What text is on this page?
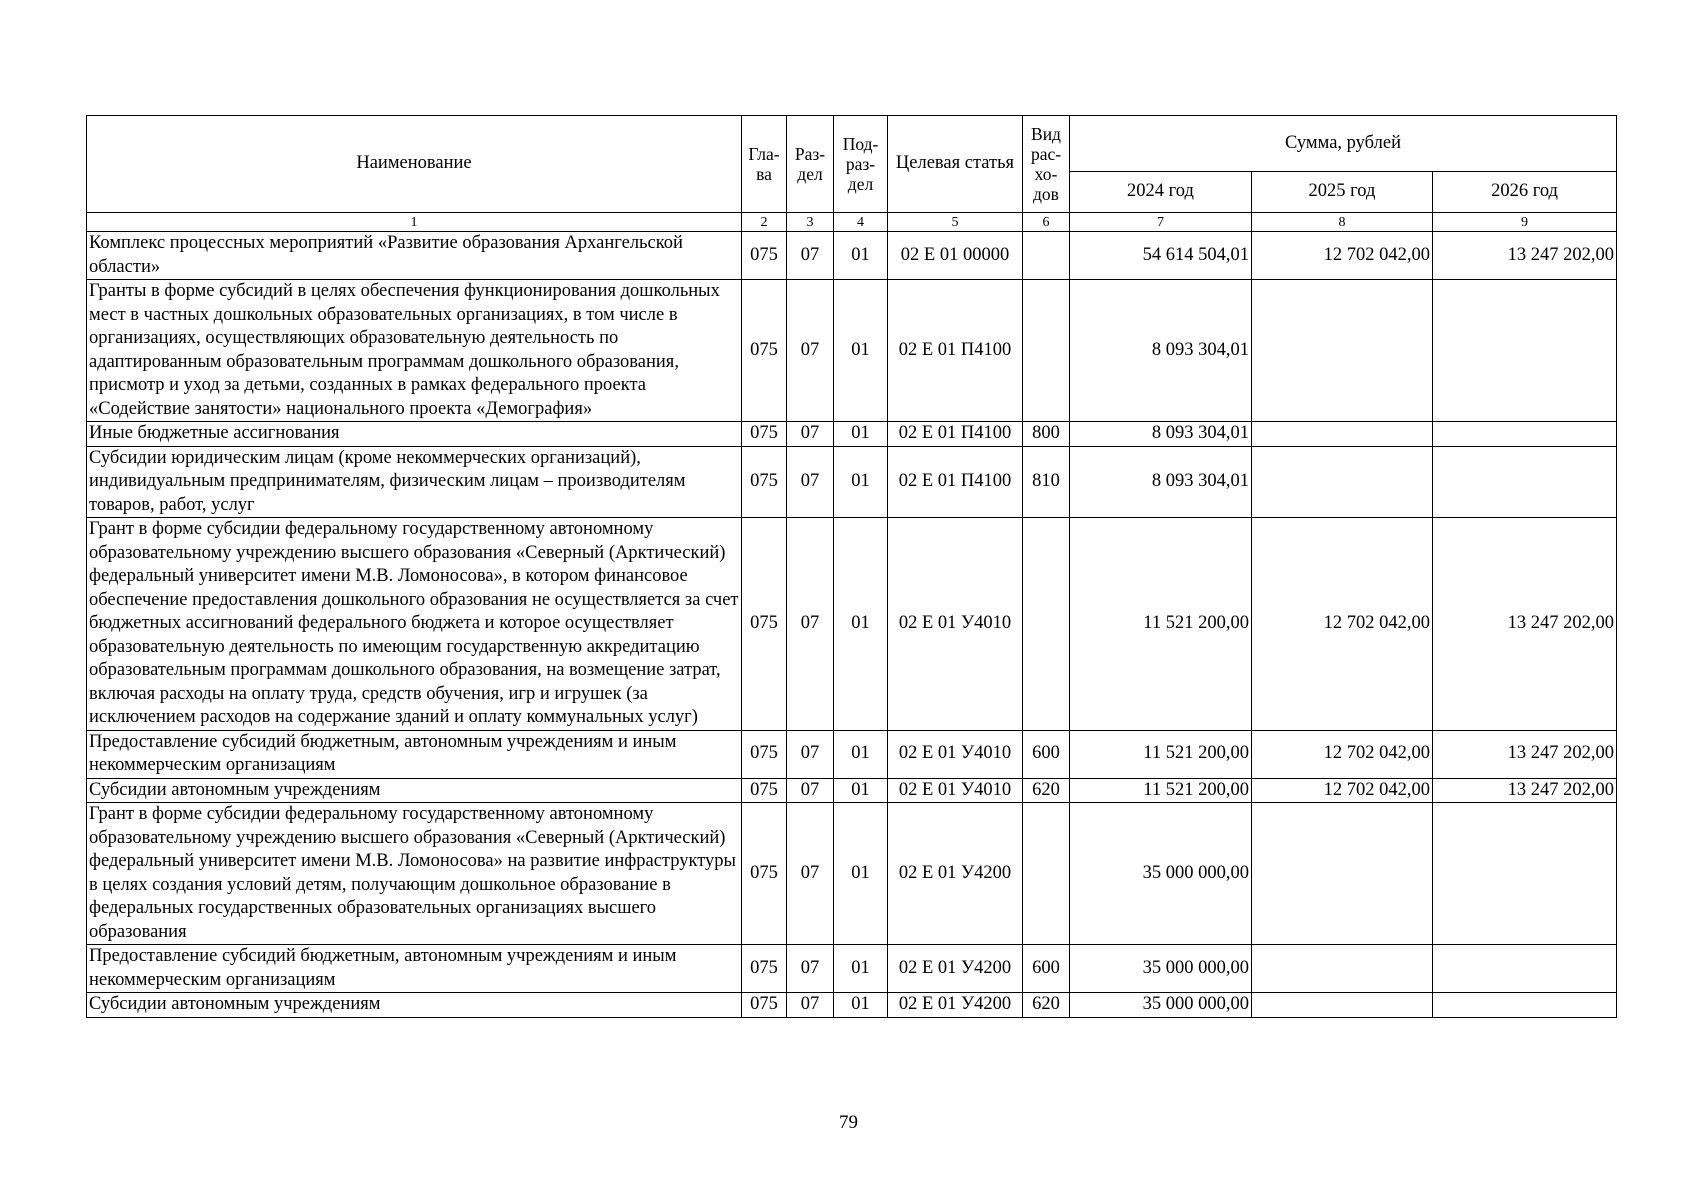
Наименование	Гла-ва	Раз-дел	Под-раз-дел	Целевая статья	Вид рас-хо-дов	Сумма, рублей		
						2024 год	2025 год	2026 год
1	2	3	4	5	6	7	8	9
Комплекс процессных мероприятий «Развитие образования Архангельской области»	075	07	01	02 Е 01 00000		54 614 504,01	12 702 042,00	13 247 202,00
Гранты в форме субсидий в целях обеспечения функционирования дошкольных мест в частных дошкольных образовательных организациях, в том числе в организациях, осуществляющих образовательную деятельность по адаптированным образовательным программам дошкольного образования, присмотр и уход за детьми, созданных в рамках федерального проекта «Содействие занятости» национального проекта «Демография»	075	07	01	02 Е 01 П4100		8 093 304,01		
Иные бюджетные ассигнования	075	07	01	02 Е 01 П4100	800	8 093 304,01		
Субсидии юридическим лицам (кроме некоммерческих организаций), индивидуальным предпринимателям, физическим лицам – производителям товаров, работ, услуг	075	07	01	02 Е 01 П4100	810	8 093 304,01		
Грант в форме субсидии федеральному государственному автономному образовательному учреждению высшего образования «Северный (Арктический) федеральный университет имени М.В. Ломоносова», в котором финансовое обеспечение предоставления дошкольного образования не осуществляется за счет бюджетных ассигнований федерального бюджета и которое осуществляет образовательную деятельность по имеющим государственную аккредитацию образовательным программам дошкольного образования, на возмещение затрат, включая расходы на оплату труда, средств обучения, игр и игрушек (за исключением расходов на содержание зданий и оплату коммунальных услуг)	075	07	01	02 Е 01 У4010		11 521 200,00	12 702 042,00	13 247 202,00
Предоставление субсидий бюджетным, автономным учреждениям и иным некоммерческим организациям	075	07	01	02 Е 01 У4010	600	11 521 200,00	12 702 042,00	13 247 202,00
Субсидии автономным учреждениям	075	07	01	02 Е 01 У4010	620	11 521 200,00	12 702 042,00	13 247 202,00
Грант в форме субсидии федеральному государственному автономному образовательному учреждению высшего образования «Северный (Арктический) федеральный университет имени М.В. Ломоносова» на развитие инфраструктуры в целях создания условий детям, получающим дошкольное образование в федеральных государственных образовательных организациях высшего образования	075	07	01	02 Е 01 У4200		35 000 000,00		
Предоставление субсидий бюджетным, автономным учреждениям и иным некоммерческим организациям	075	07	01	02 Е 01 У4200	600	35 000 000,00		
Субсидии автономным учреждениям	075	07	01	02 Е 01 У4200	620	35 000 000,00		
79
